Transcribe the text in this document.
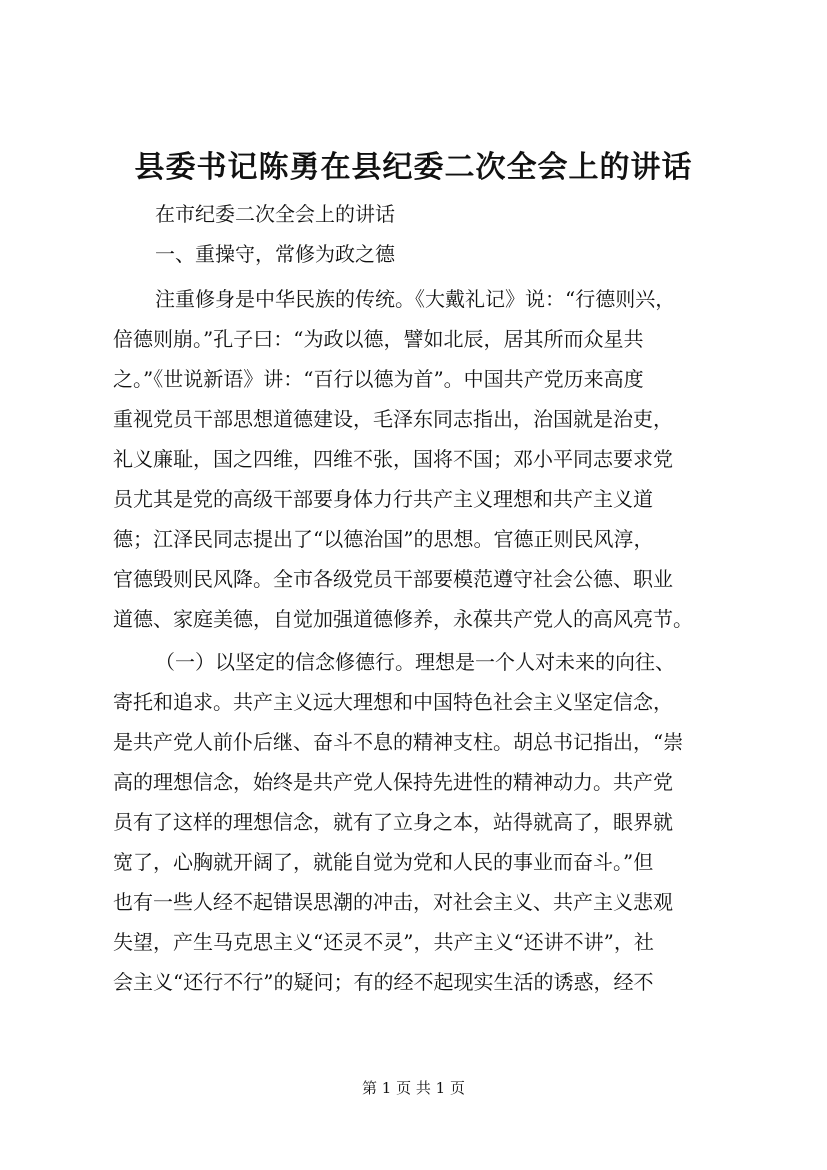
县委书记陈勇在县纪委二次全会上的讲话
在市纪委二次全会上的讲话
一、重操守，常修为政之德
注重修身是中华民族的传统。《大戴礼记》说：“行德则兴，
倍德则崩。”孔子曰：“为政以德，譬如北辰，居其所而众星共
之。”《世说新语》讲：“百行以德为首”。中国共产党历来高度
重视党员干部思想道德建设，毛泽东同志指出，治国就是治吏，
礼义廉耻，国之四维，四维不张，国将不国；邓小平同志要求党
员尤其是党的高级干部要身体力行共产主义理想和共产主义道
德；江泽民同志提出了“以德治国”的思想。官德正则民风淳，
官德毁则民风降。全市各级党员干部要模范遵守社会公德、职业
道德、家庭美德，自觉加强道德修养，永葆共产党人的高风亮节。
（一）以坚定的信念修德行。理想是一个人对未来的向往、
寄托和追求。共产主义远大理想和中国特色社会主义坚定信念，
是共产党人前仆后继、奋斗不息的精神支柱。胡总书记指出，“崇
高的理想信念，始终是共产党人保持先进性的精神动力。共产党
员有了这样的理想信念，就有了立身之本，站得就高了，眼界就
宽了，心胸就开阔了，就能自觉为党和人民的事业而奋斗。”但
也有一些人经不起错误思潮的冲击，对社会主义、共产主义悲观
失望，产生马克思主义“还灵不灵”，共产主义“还讲不讲”，社
会主义“还行不行”的疑问；有的经不起现实生活的诱惑，经不
第 1 页 共 1 页
